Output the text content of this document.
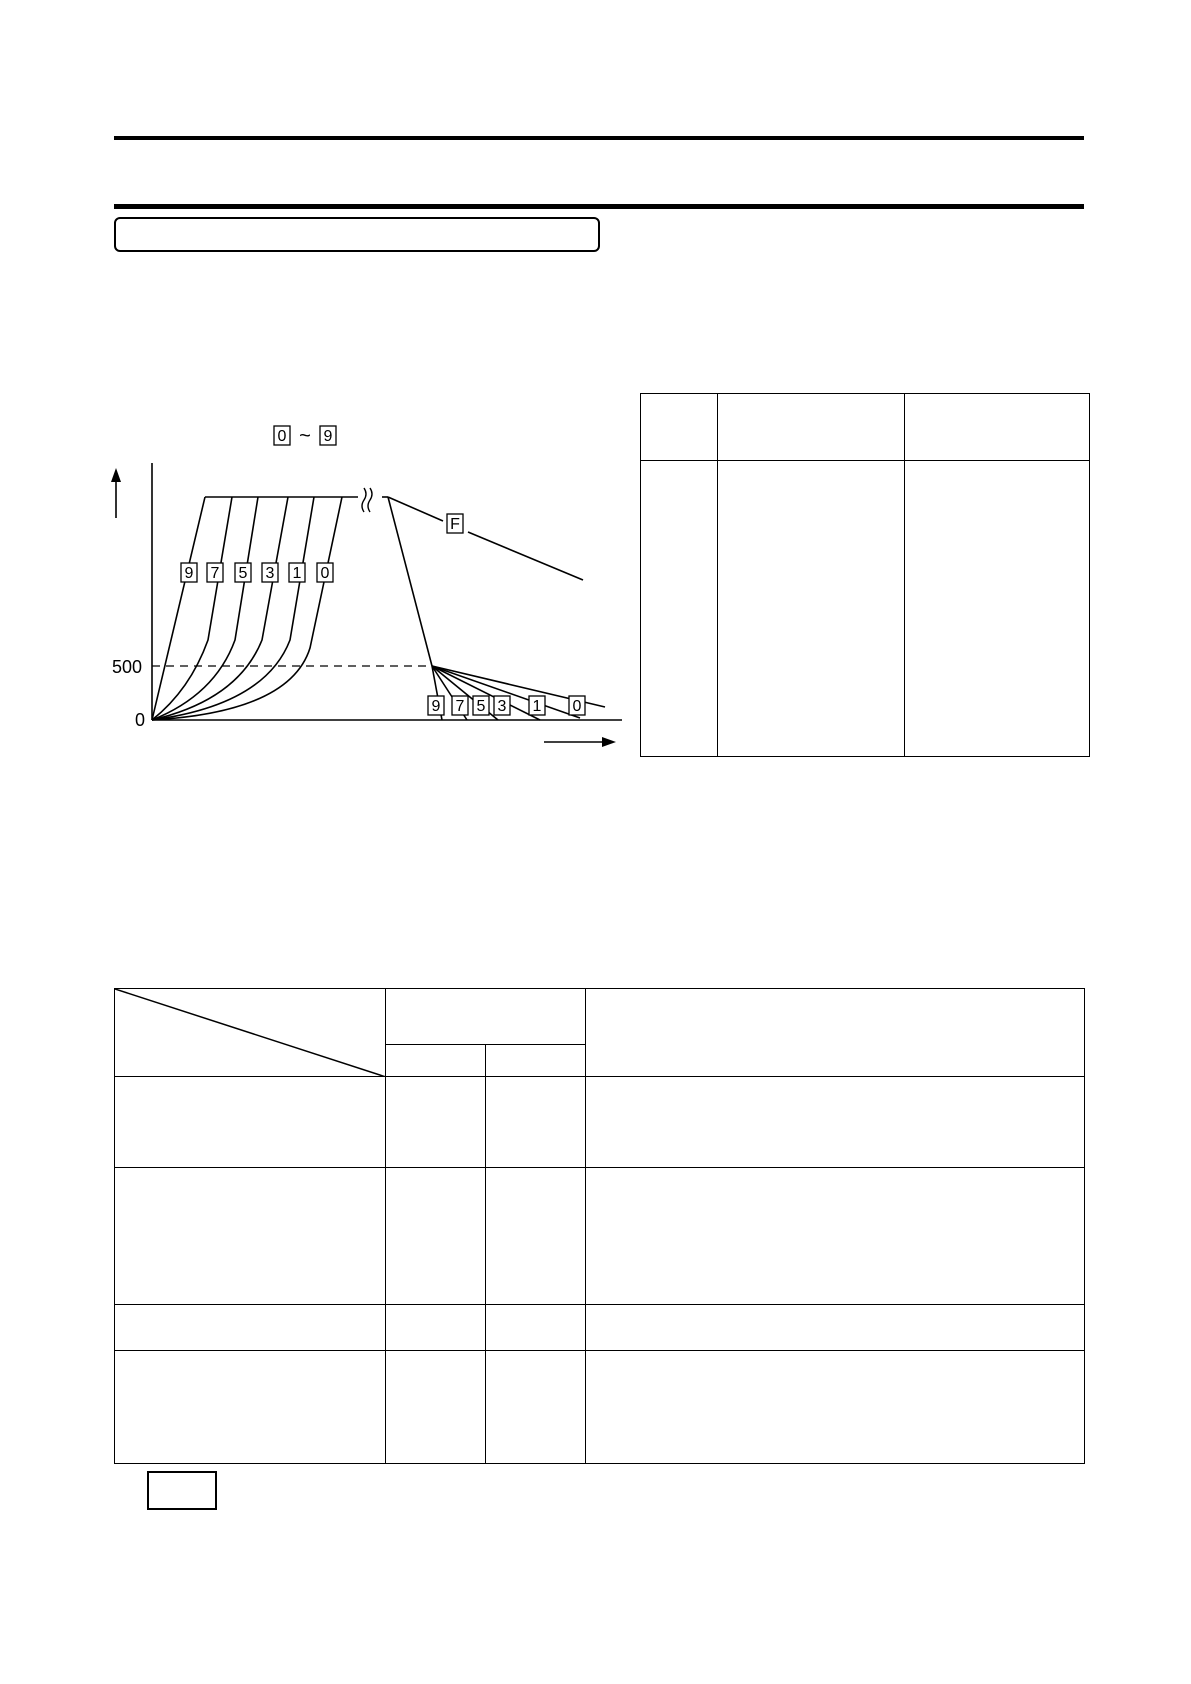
0 ~ 9
9 7 5 3 1 0
F
9 7 5 3 1 0
500
0
